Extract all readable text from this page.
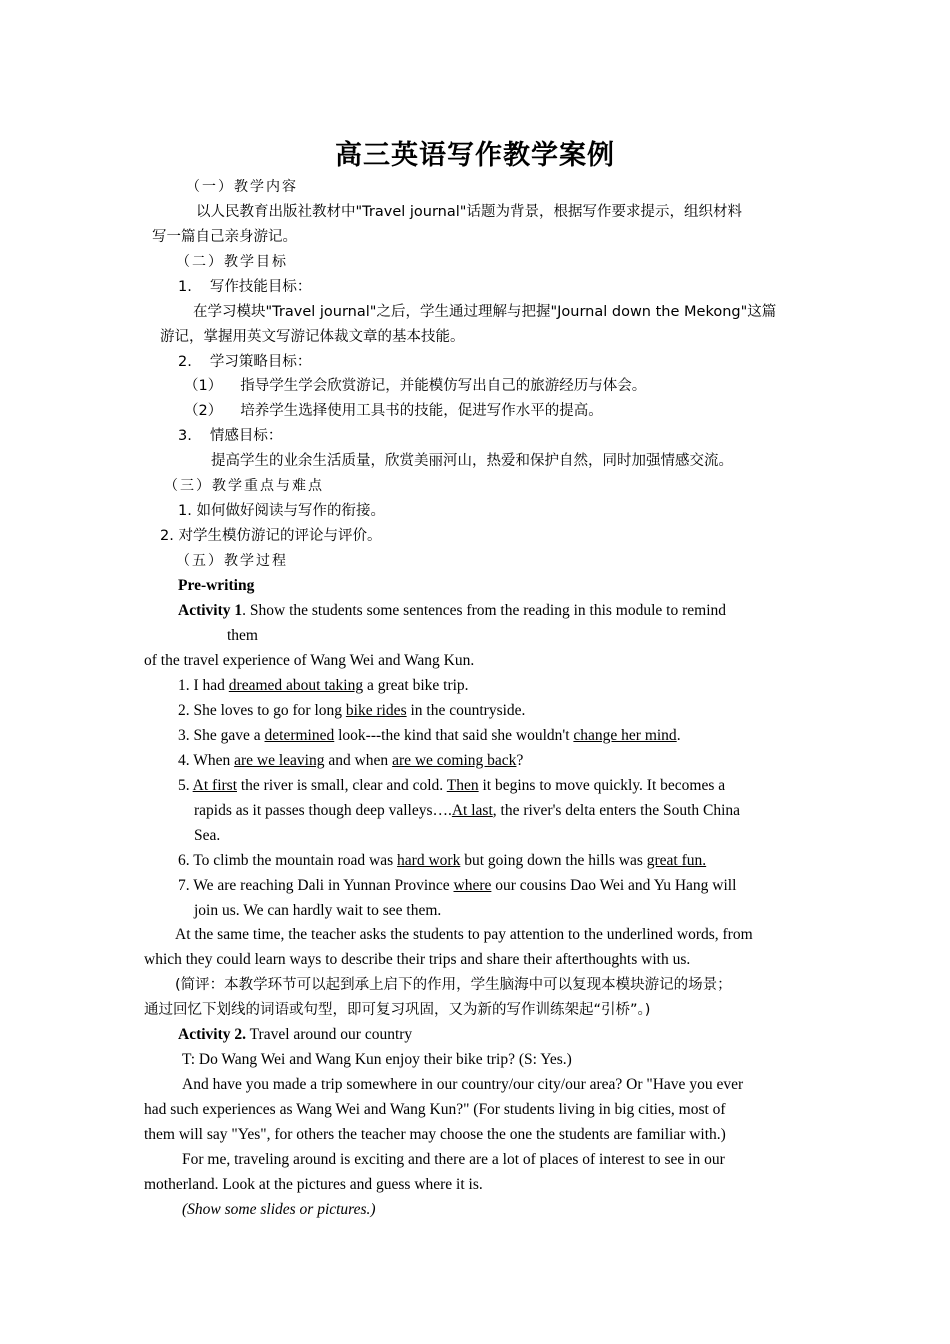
高三英语写作教学案例
（一）教学内容
以人民教育出版社教材中"Travel journal"话题为背景，根据写作要求提示，组织材料
写一篇自己亲身游记。
（二）教学目标
1. 写作技能目标：
在学习模块"Travel journal"之后，学生通过理解与把握"Journal down the Mekong"这篇
游记，掌握用英文写游记体裁文章的基本技能。
2. 学习策略目标：
（1） 指导学生学会欣赏游记，并能模仿写出自己的旅游经历与体会。
（2） 培养学生选择使用工具书的技能，促进写作水平的提高。
3. 情感目标：
提高学生的业余生活质量，欣赏美丽河山，热爱和保护自然，同时加强情感交流。
（三）教学重点与难点
1. 如何做好阅读与写作的衔接。
2. 对学生模仿游记的评论与评价。
（五）教学过程
Pre-writing
Activity 1. Show the students some sentences from the reading in this module to remind
them
of the travel experience of Wang Wei and Wang Kun.
1. I had dreamed about taking a great bike trip.
2. She loves to go for long bike rides in the countryside.
3. She gave a determined look---the kind that said she wouldn't change her mind.
4. When are we leaving and when are we coming back?
5. At first the river is small, clear and cold. Then it begins to move quickly. It becomes a
rapids as it passes though deep valleys….At last, the river's delta enters the South China
Sea.
6. To climb the mountain road was hard work but going down the hills was great fun.
7. We are reaching Dali in Yunnan Province where our cousins Dao Wei and Yu Hang will
join us. We can hardly wait to see them.
At the same time, the teacher asks the students to pay attention to the underlined words, from
which they could learn ways to describe their trips and share their afterthoughts with us.
(简评：本教学环节可以起到承上启下的作用，学生脑海中可以复现本模块游记的场景；
通过回忆下划线的词语或句型，即可复习巩固，又为新的写作训练架起“引桥”。)
Activity 2. Travel around our country
T: Do Wang Wei and Wang Kun enjoy their bike trip? (S: Yes.)
And have you made a trip somewhere in our country/our city/our area? Or "Have you ever
had such experiences as Wang Wei and Wang Kun?" (For students living in big cities, most of
them will say "Yes", for others the teacher may choose the one the students are familiar with.)
For me, traveling around is exciting and there are a lot of places of interest to see in our
motherland. Look at the pictures and guess where it is.
(Show some slides or pictures.)
